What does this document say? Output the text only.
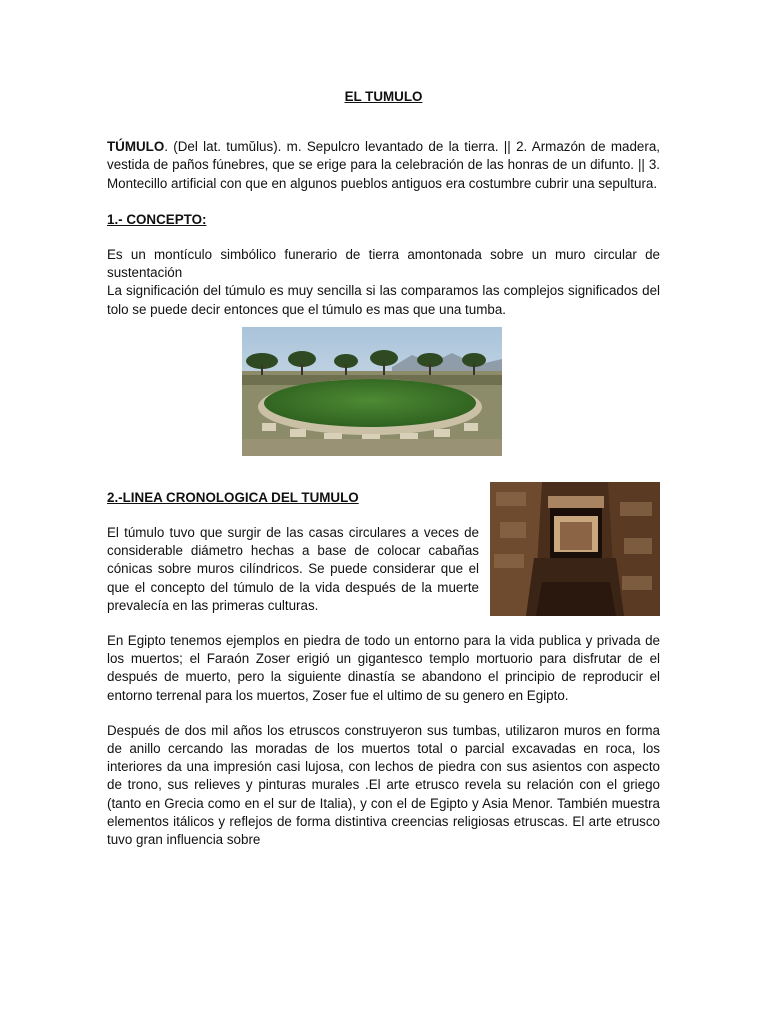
EL TUMULO

TÚMULO. (Del lat. tumŭlus). m. Sepulcro levantado de la tierra. || 2. Armazón de madera, vestida de paños fúnebres, que se erige para la celebración de las honras de un difunto. || 3. Montecillo artificial con que en algunos pueblos antiguos era costumbre cubrir una sepultura.

1.- CONCEPTO:

Es un montículo simbólico funerario de tierra amontonada sobre un muro circular de sustentación

La significación del túmulo es muy sencilla si las comparamos las complejos significados del tolo se puede decir entonces que el túmulo es mas que una tumba.

2.-LINEA CRONOLOGICA DEL TUMULO

El túmulo tuvo que surgir de las casas circulares a veces de considerable diámetro hechas a base de colocar cabañas cónicas sobre muros cilíndricos. Se puede considerar que el que el concepto del túmulo de la vida después de la muerte prevalecía en las primeras culturas.

En Egipto tenemos ejemplos en piedra de todo un entorno para la vida publica y privada de los muertos; el Faraón Zoser erigió un gigantesco templo mortuorio para disfrutar de el después de muerto, pero la siguiente dinastía se abandono el principio de reproducir el entorno terrenal para los muertos, Zoser fue el ultimo de su genero en Egipto.

Después de dos mil años los etruscos construyeron sus tumbas, utilizaron muros en forma de anillo cercando las moradas de los muertos total o parcial excavadas en roca, los interiores da una impresión casi lujosa, con lechos de piedra con sus asientos con aspecto de trono, sus relieves y pinturas murales .El arte etrusco revela su relación con el griego (tanto en Grecia como en el sur de Italia), y con el de Egipto y Asia Menor. También muestra elementos itálicos y reflejos de forma distintiva creencias religiosas etruscas. El arte etrusco tuvo gran influencia sobre
